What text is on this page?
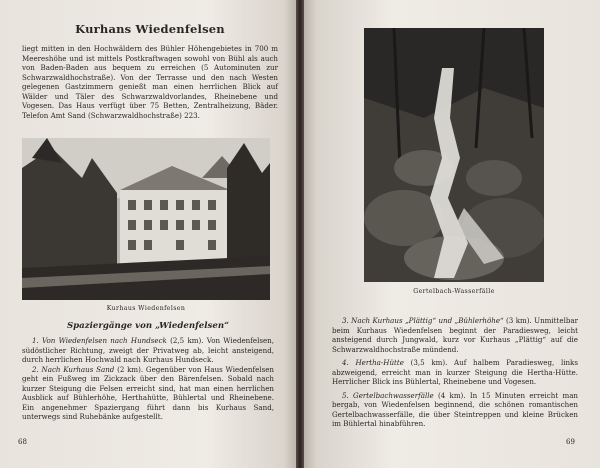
Kurhans Wiedenfelsen

liegt mitten in den Hochwäldern des Bühler Höhengebietes in 700 m Meereshöhe und ist mittels Postkraftwagen sowohl von Bühl als auch von Baden-Baden aus bequem zu erreichen (5 Autominuten zur Schwarzwaldhochstraße). Von der Terrasse und den nach Westen gelegenen Gastzimmern genießt man einen herrlichen Blick auf Wälder und Täler des Schwarzwaldvorlandes, Rheinebene und Vogesen. Das Haus verfügt über 75 Betten, Zentralheizung, Bäder. Telefon Amt Sand (Schwarzwaldhochstraße) 223.

Kurhaus Wiedenfelsen
Spaziergänge von „Wiedenfelsen“

1. Von Wiedenfelsen nach Hundseck (2,5 km). Von Wiedenfelsen, südöstlicher Richtung, zweigt der Privatweg ab, leicht ansteigend, durch herrlichen Hochwald nach Kurhaus Hundseck.

2. Nach Kurhaus Sand (2 km). Gegenüber von Haus Wiedenfelsen geht ein Fußweg im Zickzack über den Bärenfelsen. Sobald nach kurzer Steigung die Felsen erreicht sind, hat man einen herrlichen Ausblick auf Bühlerhöhe, Herthahütte, Bühlertal und Rheinebene. Ein angenehmer Spaziergang führt dann bis Kurhaus Sand, unterwegs sind Ruhebänke aufgestellt.

68
Gertelbach-Wasserfälle

3. Nach Kurhaus „Plättig“ und „Bühlerhöhe“ (3 km). Unmittelbar beim Kurhaus Wiedenfelsen beginnt der Paradiesweg, leicht ansteigend durch Jungwald, kurz vor Kurhaus „Plättig“ auf die Schwarzwaldhochstraße mündend.

4. Hertha-Hütte (3,5 km). Auf halbem Paradiesweg, links abzweigend, erreicht man in kurzer Steigung die Hertha-Hütte. Herrlicher Blick ins Bühlertal, Rheinebene und Vogesen.

5. Gertelbachwasserfälle (4 km). In 15 Minuten erreicht man bergab, von Wiedenfelsen beginnend, die schönen romantischen Gertelbachwasserfälle, die über Steintreppen und kleine Brücken im Bühlertal hinabführen.

69
